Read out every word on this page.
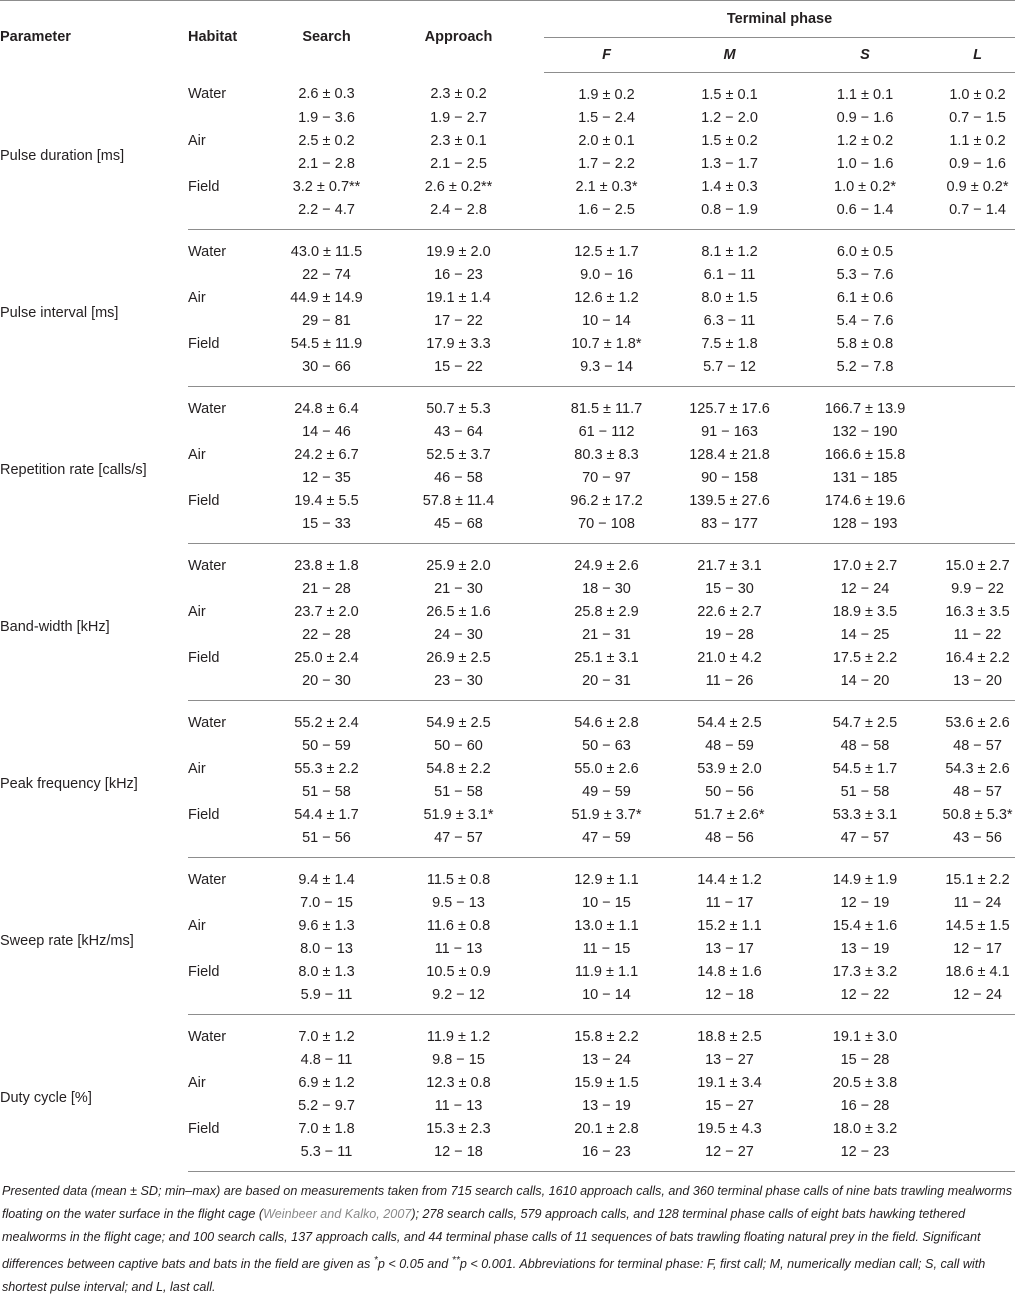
Parameter	Habitat	Search	Approach	Terminal phase			
				F	M	S	L
Pulse duration [ms]	Water	2.6 ± 0.3	2.3 ± 0.2	1.9 ± 0.2	1.5 ± 0.1	1.1 ± 0.1	1.0 ± 0.2
		1.9 − 3.6	1.9 − 2.7	1.5 − 2.4	1.2 − 2.0	0.9 − 1.6	0.7 − 1.5
	Air	2.5 ± 0.2	2.3 ± 0.1	2.0 ± 0.1	1.5 ± 0.2	1.2 ± 0.2	1.1 ± 0.2
		2.1 − 2.8	2.1 − 2.5	1.7 − 2.2	1.3 − 1.7	1.0 − 1.6	0.9 − 1.6
	Field	3.2 ± 0.7**	2.6 ± 0.2**	2.1 ± 0.3*	1.4 ± 0.3	1.0 ± 0.2*	0.9 ± 0.2*
		2.2 − 4.7	2.4 − 2.8	1.6 − 2.5	0.8 − 1.9	0.6 − 1.4	0.7 − 1.4
Pulse interval [ms]	Water	43.0 ± 11.5	19.9 ± 2.0	12.5 ± 1.7	8.1 ± 1.2	6.0 ± 0.5	
		22 − 74	16 − 23	9.0 − 16	6.1 − 11	5.3 − 7.6	
	Air	44.9 ± 14.9	19.1 ± 1.4	12.6 ± 1.2	8.0 ± 1.5	6.1 ± 0.6	
		29 − 81	17 − 22	10 − 14	6.3 − 11	5.4 − 7.6	
	Field	54.5 ± 11.9	17.9 ± 3.3	10.7 ± 1.8*	7.5 ± 1.8	5.8 ± 0.8	
		30 − 66	15 − 22	9.3 − 14	5.7 − 12	5.2 − 7.8	
Repetition rate [calls/s]	Water	24.8 ± 6.4	50.7 ± 5.3	81.5 ± 11.7	125.7 ± 17.6	166.7 ± 13.9	
		14 − 46	43 − 64	61 − 112	91 − 163	132 − 190	
	Air	24.2 ± 6.7	52.5 ± 3.7	80.3 ± 8.3	128.4 ± 21.8	166.6 ± 15.8	
		12 − 35	46 − 58	70 − 97	90 − 158	131 − 185	
	Field	19.4 ± 5.5	57.8 ± 11.4	96.2 ± 17.2	139.5 ± 27.6	174.6 ± 19.6	
		15 − 33	45 − 68	70 − 108	83 − 177	128 − 193	
Band-width [kHz]	Water	23.8 ± 1.8	25.9 ± 2.0	24.9 ± 2.6	21.7 ± 3.1	17.0 ± 2.7	15.0 ± 2.7
		21 − 28	21 − 30	18 − 30	15 − 30	12 − 24	9.9 − 22
	Air	23.7 ± 2.0	26.5 ± 1.6	25.8 ± 2.9	22.6 ± 2.7	18.9 ± 3.5	16.3 ± 3.5
		22 − 28	24 − 30	21 − 31	19 − 28	14 − 25	11 − 22
	Field	25.0 ± 2.4	26.9 ± 2.5	25.1 ± 3.1	21.0 ± 4.2	17.5 ± 2.2	16.4 ± 2.2
		20 − 30	23 − 30	20 − 31	11 − 26	14 − 20	13 − 20
Peak frequency [kHz]	Water	55.2 ± 2.4	54.9 ± 2.5	54.6 ± 2.8	54.4 ± 2.5	54.7 ± 2.5	53.6 ± 2.6
		50 − 59	50 − 60	50 − 63	48 − 59	48 − 58	48 − 57
	Air	55.3 ± 2.2	54.8 ± 2.2	55.0 ± 2.6	53.9 ± 2.0	54.5 ± 1.7	54.3 ± 2.6
		51 − 58	51 − 58	49 − 59	50 − 56	51 − 58	48 − 57
	Field	54.4 ± 1.7	51.9 ± 3.1*	51.9 ± 3.7*	51.7 ± 2.6*	53.3 ± 3.1	50.8 ± 5.3*
		51 − 56	47 − 57	47 − 59	48 − 56	47 − 57	43 − 56
Sweep rate [kHz/ms]	Water	9.4 ± 1.4	11.5 ± 0.8	12.9 ± 1.1	14.4 ± 1.2	14.9 ± 1.9	15.1 ± 2.2
		7.0 − 15	9.5 − 13	10 − 15	11 − 17	12 − 19	11 − 24
	Air	9.6 ± 1.3	11.6 ± 0.8	13.0 ± 1.1	15.2 ± 1.1	15.4 ± 1.6	14.5 ± 1.5
		8.0 − 13	11 − 13	11 − 15	13 − 17	13 − 19	12 − 17
	Field	8.0 ± 1.3	10.5 ± 0.9	11.9 ± 1.1	14.8 ± 1.6	17.3 ± 3.2	18.6 ± 4.1
		5.9 − 11	9.2 − 12	10 − 14	12 − 18	12 − 22	12 − 24
Duty cycle [%]	Water	7.0 ± 1.2	11.9 ± 1.2	15.8 ± 2.2	18.8 ± 2.5	19.1 ± 3.0	
		4.8 − 11	9.8 − 15	13 − 24	13 − 27	15 − 28	
	Air	6.9 ± 1.2	12.3 ± 0.8	15.9 ± 1.5	19.1 ± 3.4	20.5 ± 3.8	
		5.2 − 9.7	11 − 13	13 − 19	15 − 27	16 − 28	
	Field	7.0 ± 1.8	15.3 ± 2.3	20.1 ± 2.8	19.5 ± 4.3	18.0 ± 3.2	
		5.3 − 11	12 − 18	16 − 23	12 − 27	12 − 23	
Presented data (mean ± SD; min–max) are based on measurements taken from 715 search calls, 1610 approach calls, and 360 terminal phase calls of nine bats trawling mealworms floating on the water surface in the flight cage (Weinbeer and Kalko, 2007); 278 search calls, 579 approach calls, and 128 terminal phase calls of eight bats hawking tethered mealworms in the flight cage; and 100 search calls, 137 approach calls, and 44 terminal phase calls of 11 sequences of bats trawling floating natural prey in the field. Significant differences between captive bats and bats in the field are given as *p < 0.05 and **p < 0.001. Abbreviations for terminal phase: F, first call; M, numerically median call; S, call with shortest pulse interval; and L, last call.
